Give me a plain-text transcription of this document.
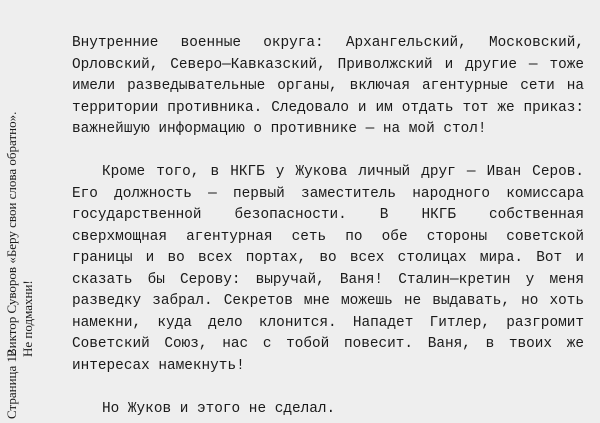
Страница 12
Виктор Суворов «Беру свои слова обратно». Не подмахни!

Внутренние военные округа: Архангельский, Московский, Орловский, Северо—Кавказский, Приволжский и другие — тоже имели разведывательные органы, включая агентурные сети на территории противника. Следовало и им отдать тот же приказ: важнейшую информацию о противнике — на мой стол!

Кроме того, в НКГБ у Жукова личный друг — Иван Серов. Его должность — первый заместитель народного комиссара государственной безопасности. В НКГБ собственная сверхмощная агентурная сеть по обе стороны советской границы и во всех портах, во всех столицах мира. Вот и сказать бы Серову: выручай, Ваня! Сталин—кретин у меня разведку забрал. Секретов мне можешь не выдавать, но хоть намекни, куда дело клонится. Нападет Гитлер, разгромит Советский Союз, нас с тобой повесит. Ваня, в твоих же интересах намекнуть!

Но Жуков и этого не сделал.
